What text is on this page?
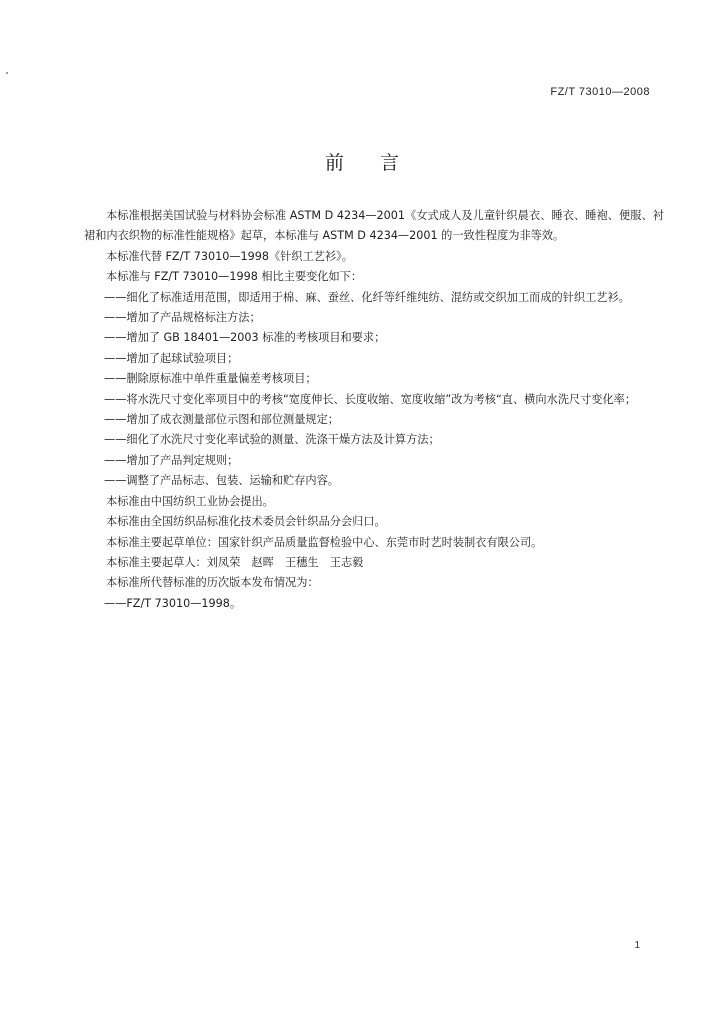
FZ/T 73010—2008
前言

本标准根据美国试验与材料协会标准 ASTM D 4234—2001《女式成人及儿童针织晨衣、睡衣、睡袍、便服、衬裙和内衣织物的标准性能规格》起草，本标准与 ASTM D 4234—2001 的一致性程度为非等效。

本标准代替 FZ/T 73010—1998《针织工艺衫》。

本标准与 FZ/T 73010—1998 相比主要变化如下：

——细化了标准适用范围，即适用于棉、麻、蚕丝、化纤等纤维纯纺、混纺或交织加工而成的针织工艺衫。

——增加了产品规格标注方法；

——增加了 GB 18401—2003 标准的考核项目和要求；

——增加了起球试验项目；

——删除原标准中单件重量偏差考核项目；

——将水洗尺寸变化率项目中的考核“宽度伸长、长度收缩、宽度收缩”改为考核“直、横向水洗尺寸变化率；

——增加了成衣测量部位示图和部位测量规定；

——细化了水洗尺寸变化率试验的测量、洗涤干燥方法及计算方法；

——增加了产品判定规则；

——调整了产品标志、包装、运输和贮存内容。

本标准由中国纺织工业协会提出。

本标准由全国纺织品标准化技术委员会针织品分会归口。

本标准主要起草单位：国家针织产品质量监督检验中心、东莞市时艺时装制衣有限公司。

本标准主要起草人：刘凤荣　赵晖　王穗生　王志毅

本标准所代替标准的历次版本发布情况为：

——FZ/T 73010—1998。

1
